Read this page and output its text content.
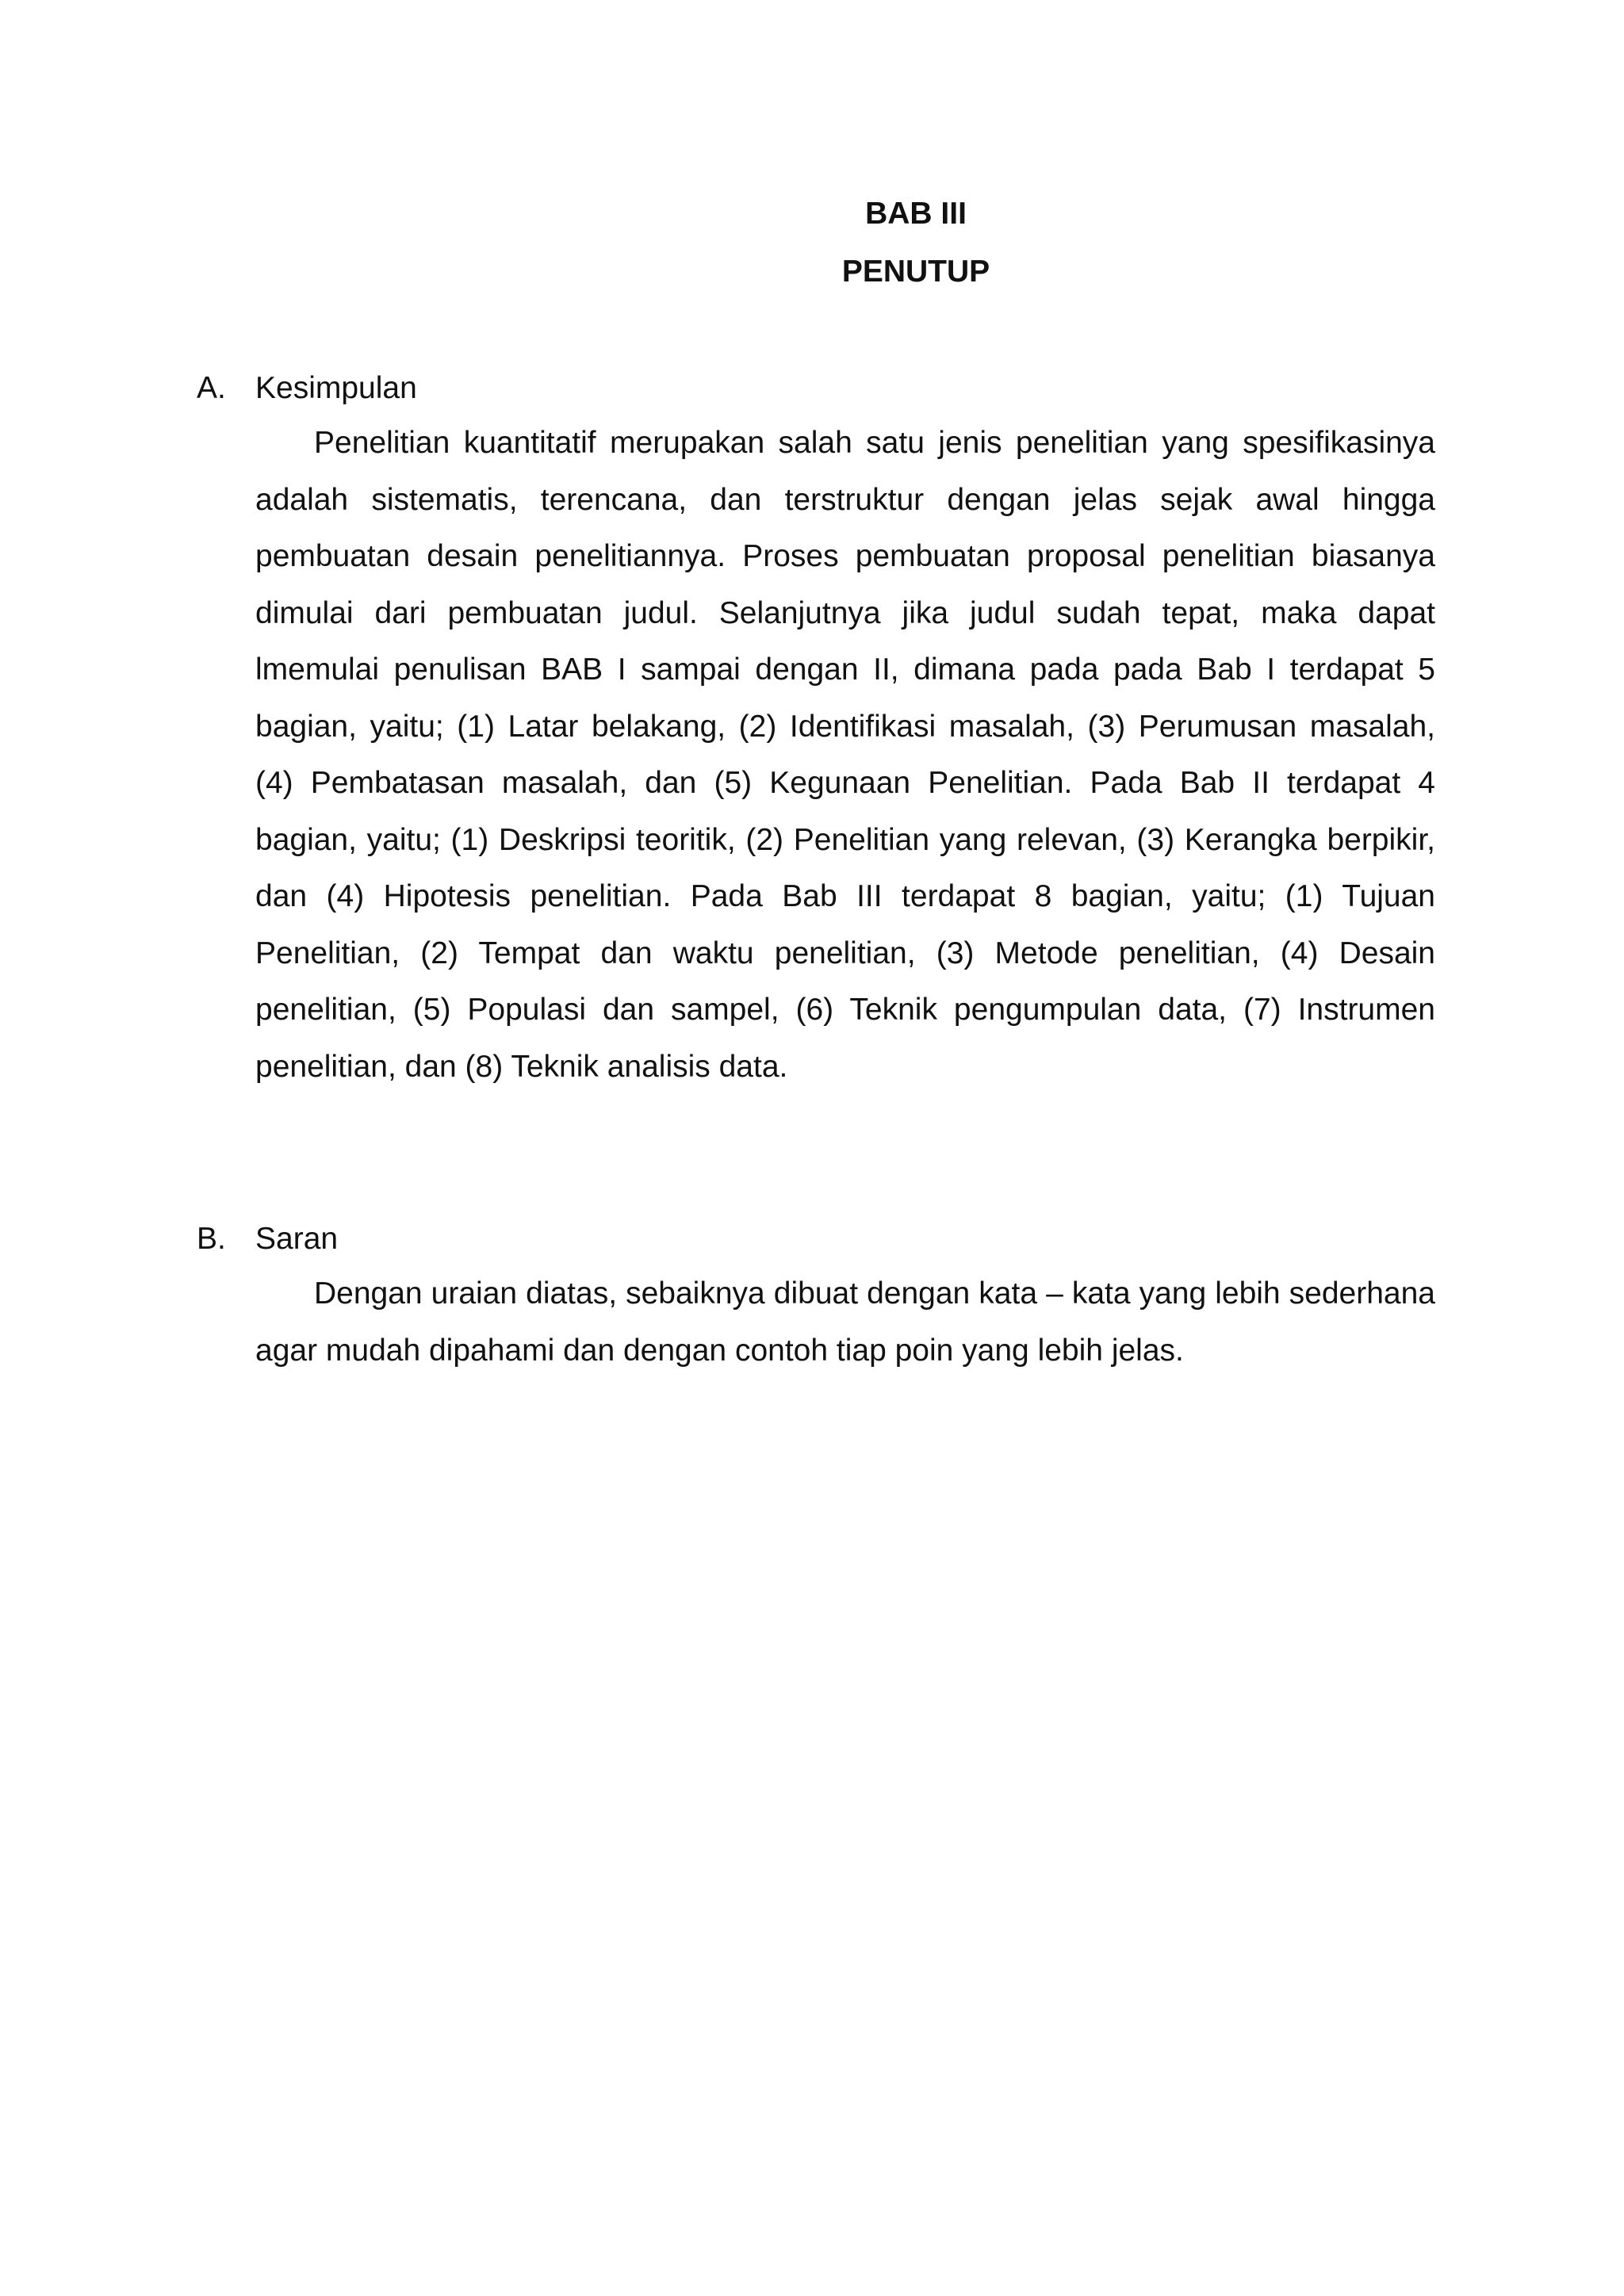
BAB III
PENUTUP
A. Kesimpulan

Penelitian kuantitatif merupakan salah satu jenis penelitian yang spesifikasinya adalah sistematis, terencana, dan terstruktur dengan jelas sejak awal hingga pembuatan desain penelitiannya. Proses pembuatan proposal penelitian biasanya dimulai dari pembuatan judul. Selanjutnya jika judul sudah tepat, maka dapat lmemulai penulisan BAB I sampai dengan II, dimana pada pada Bab I terdapat 5 bagian, yaitu; (1) Latar belakang, (2) Identifikasi masalah, (3) Perumusan masalah, (4) Pembatasan masalah, dan (5) Kegunaan Penelitian. Pada Bab II terdapat 4 bagian, yaitu; (1) Deskripsi teoritik, (2) Penelitian yang relevan, (3) Kerangka berpikir, dan (4) Hipotesis penelitian. Pada Bab III terdapat 8 bagian, yaitu; (1) Tujuan Penelitian, (2) Tempat dan waktu penelitian, (3) Metode penelitian, (4) Desain penelitian, (5) Populasi dan sampel, (6) Teknik pengumpulan data, (7) Instrumen penelitian, dan (8) Teknik analisis data.

B. Saran

Dengan uraian diatas, sebaiknya dibuat dengan kata – kata yang lebih sederhana agar mudah dipahami dan dengan contoh tiap poin yang lebih jelas.
